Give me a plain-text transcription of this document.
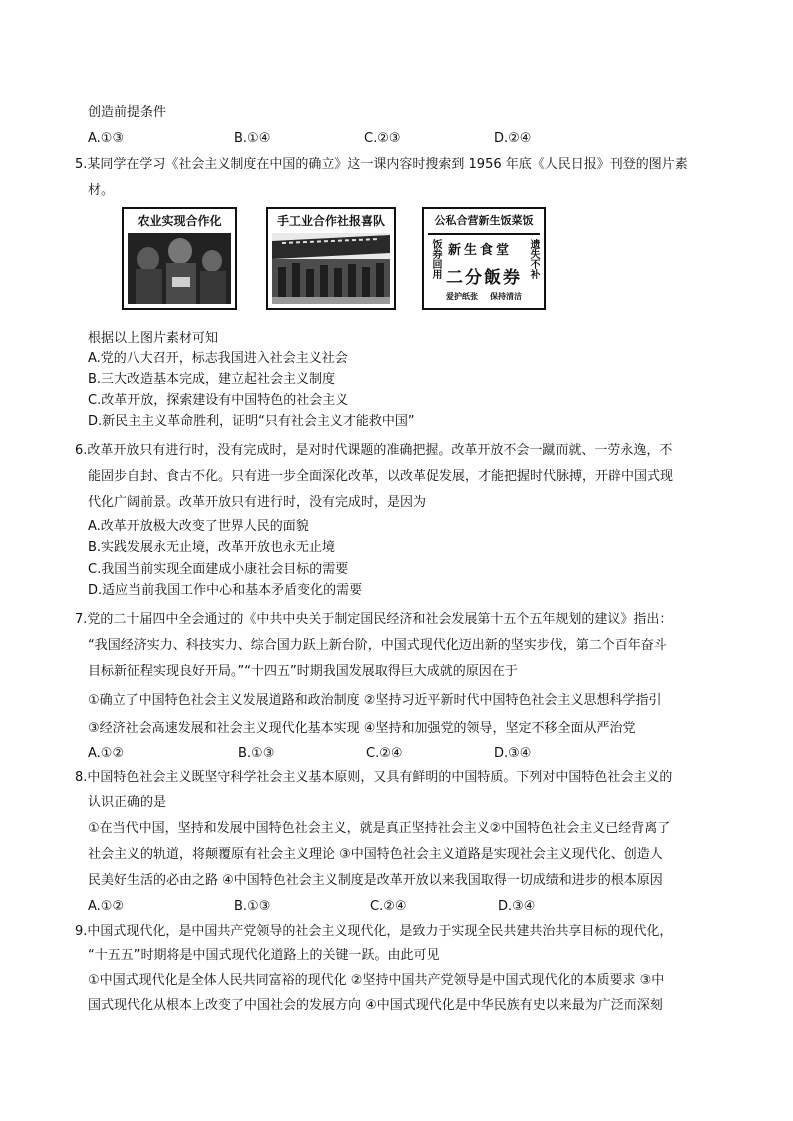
创造前提条件
A.①③	B.①④	C.②③	D.②④
5.某同学在学习《社会主义制度在中国的确立》这一课内容时搜索到 1956 年底《人民日报》刊登的图片素
材。
农业实现合作化	手工业合作社报喜队	公私合营新生饭菜饭
饭券回用	遗失不补
新生食堂
二分飯券
爱护纸张 保持清洁
根据以上图片素材可知
A.党的八大召开，标志我国进入社会主义社会
B.三大改造基本完成，建立起社会主义制度
C.改革开放，探索建设有中国特色的社会主义
D.新民主主义革命胜利，证明“只有社会主义才能救中国”
6.改革开放只有进行时，没有完成时，是对时代课题的准确把握。改革开放不会一蹴而就、一劳永逸，不
能固步自封、食古不化。只有进一步全面深化改革，以改革促发展，才能把握时代脉搏，开辟中国式现
代化广阔前景。改革开放只有进行时，没有完成时，是因为
A.改革开放极大改变了世界人民的面貌
B.实践发展永无止境，改革开放也永无止境
C.我国当前实现全面建成小康社会目标的需要
D.适应当前我国工作中心和基本矛盾变化的需要
7.党的二十届四中全会通过的《中共中央关于制定国民经济和社会发展第十五个五年规划的建议》指出：
“我国经济实力、科技实力、综合国力跃上新台阶，中国式现代化迈出新的坚实步伐，第二个百年奋斗
目标新征程实现良好开局。”“十四五”时期我国发展取得巨大成就的原因在于
①确立了中国特色社会主义发展道路和政治制度 ②坚持习近平新时代中国特色社会主义思想科学指引
③经济社会高速发展和社会主义现代化基本实现 ④坚持和加强党的领导，坚定不移全面从严治党
A.①②	B.①③	C.②④	D.③④
8.中国特色社会主义既坚守科学社会主义基本原则，又具有鲜明的中国特质。下列对中国特色社会主义的
认识正确的是
①在当代中国，坚持和发展中国特色社会主义，就是真正坚持社会主义②中国特色社会主义已经背离了
社会主义的轨道，将颠覆原有社会主义理论 ③中国特色社会主义道路是实现社会主义现代化、创造人
民美好生活的必由之路 ④中国特色社会主义制度是改革开放以来我国取得一切成绩和进步的根本原因
A.①②	B.①③	C.②④	D.③④
9.中国式现代化，是中国共产党领导的社会主义现代化，是致力于实现全民共建共治共享目标的现代化，
“十五五”时期将是中国式现代化道路上的关键一跃。由此可见
①中国式现代化是全体人民共同富裕的现代化 ②坚持中国共产党领导是中国式现代化的本质要求 ③中
国式现代化从根本上改变了中国社会的发展方向 ④中国式现代化是中华民族有史以来最为广泛而深刻
